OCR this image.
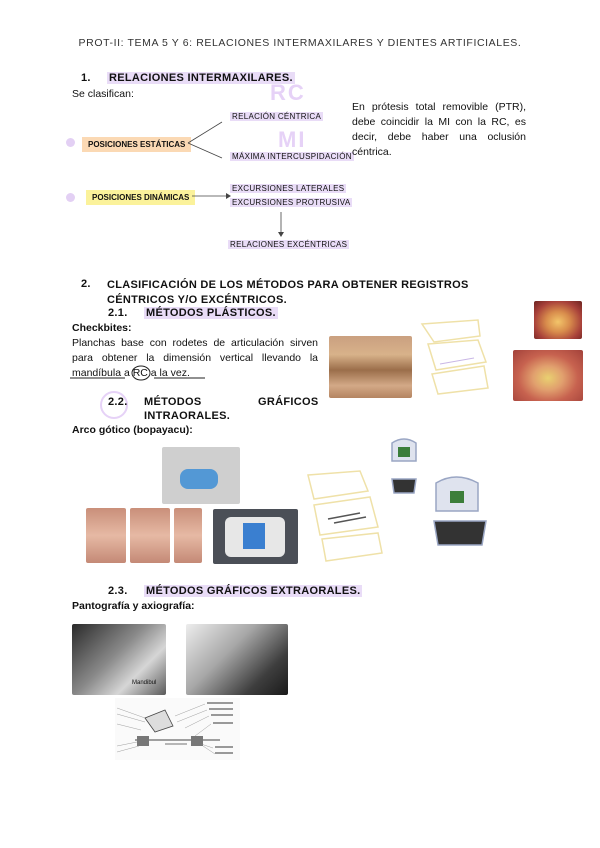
PROT-II: TEMA 5 Y 6: RELACIONES INTERMAXILARES Y DIENTES ARTIFICIALES.
1. RELACIONES INTERMAXILARES.
Se clasifican:	RC
MI
POSICIONES ESTÁTICAS
POSICIONES DINÁMICAS
RELACIÓN CÉNTRICA
MÁXIMA INTERCUSPIDACIÓN
EXCURSIONES LATERALES
EXCURSIONES PROTRUSIVA
RELACIONES EXCÉNTRICAS
En prótesis total removible (PTR), debe coincidir la MI con la RC, es decir, debe haber una oclusión céntrica.
2. CLASIFICACIÓN DE LOS MÉTODOS PARA OBTENER REGISTROS CÉNTRICOS Y/O EXCÉNTRICOS.
2.1. MÉTODOS PLÁSTICOS.
Checkbites:
Planchas base con rodetes de articulación sirven para obtener la dimensión vertical llevando la mandíbula a RC a la vez.
2.2. MÉTODOS	GRÁFICOS
INTRAORALES.
Arco gótico (bopayacu):
2.3. MÉTODOS GRÁFICOS EXTRAORALES.
Pantografía y axiografía:
Mandibul
